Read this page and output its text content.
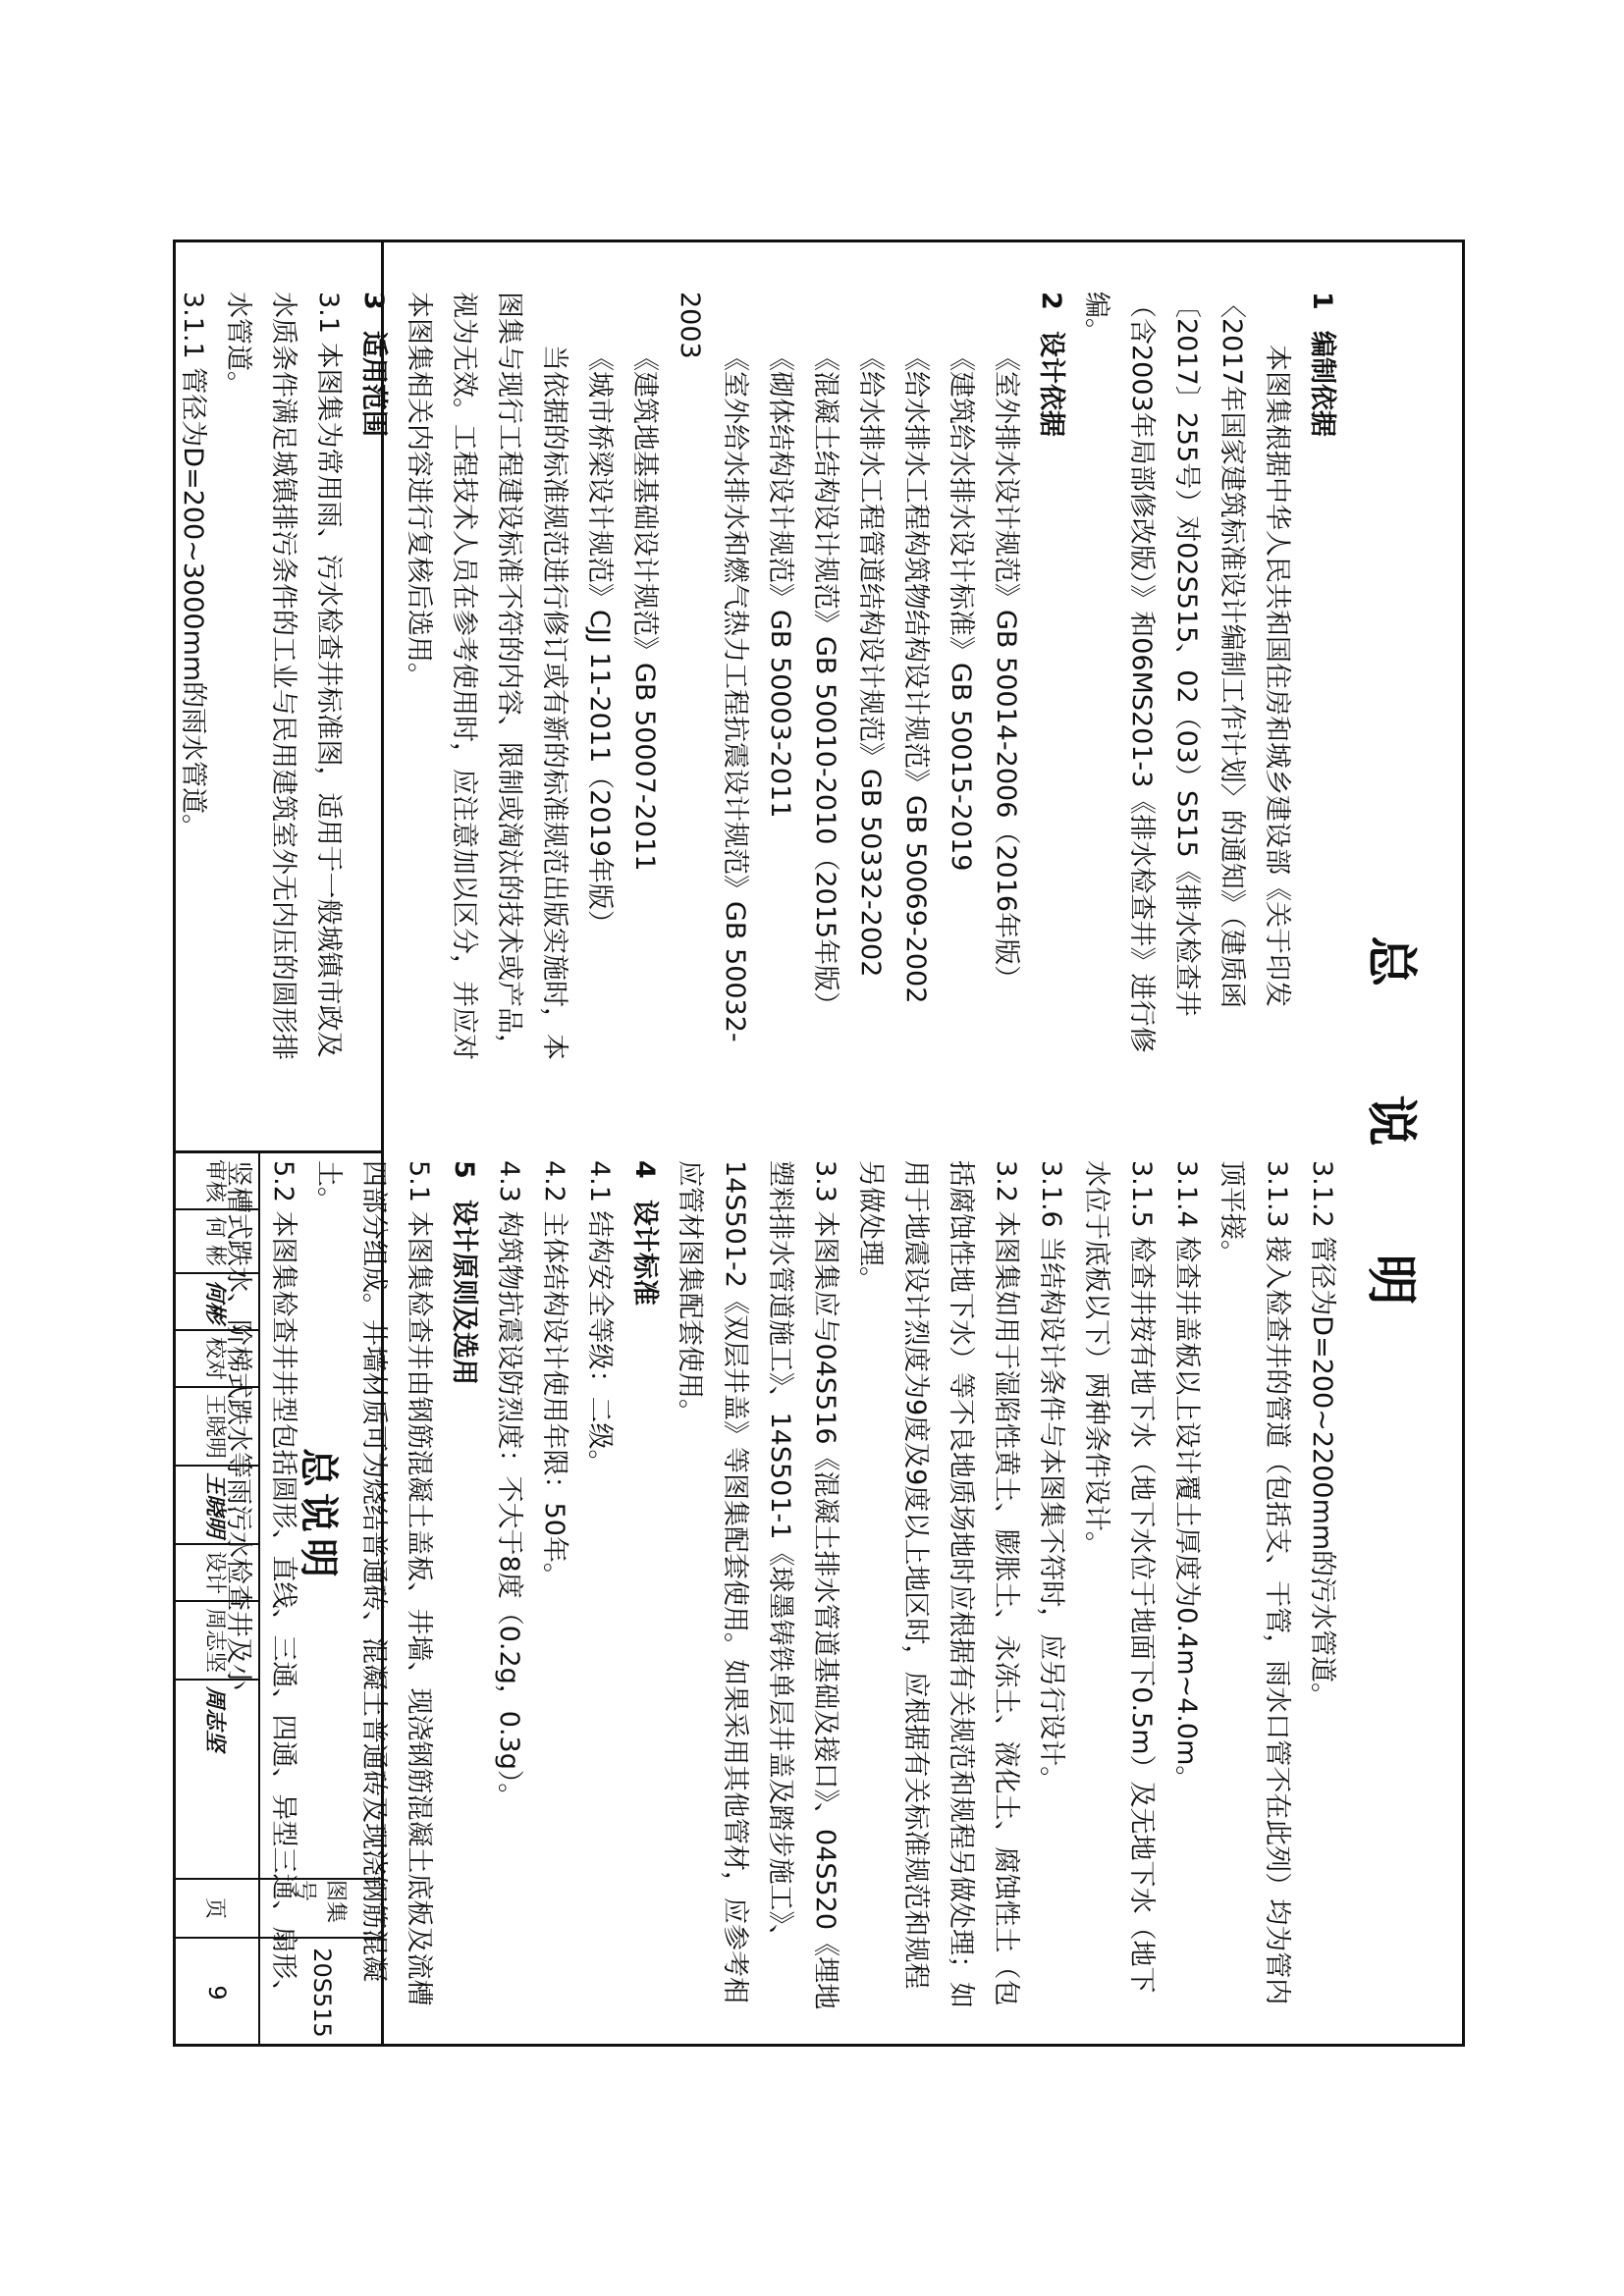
总 说 明

1编制依据

本图集根据中华人民共和国住房和城乡建设部《关于印发〈2017年国家建筑标准设计编制工作计划〉的通知》（建质函〔2017〕255号）对02S515、02（03）S515《排水检查井（含2003年局部修改版）》和06MS201-3《排水检查井》进行修编。

2设计依据

《室外排水设计规范》GB 50014-2006（2016年版）

《建筑给水排水设计标准》GB 50015-2019

《给水排水工程构筑物结构设计规范》GB 50069-2002

《给水排水工程管道结构设计规范》GB 50332-2002

《混凝土结构设计规范》GB 50010-2010（2015年版）

《砌体结构设计规范》GB 50003-2011

《室外给水排水和燃气热力工程抗震设计规范》GB 50032-2003

《建筑地基基础设计规范》GB 50007-2011

《城市桥梁设计规范》CJJ 11-2011（2019年版）

当依据的标准规范进行修订或有新的标准规范出版实施时，本图集与现行工程建设标准不符的内容、限制或淘汰的技术或产品，视为无效。工程技术人员在参考使用时，应注意加以区分，并应对本图集相关内容进行复核后选用。

3适用范围

3.1 本图集为常用雨、污水检查井标准图，适用于一般城镇市政及水质条件满足城镇排污条件的工业与民用建筑室外无内压的圆形排水管道。

3.1.1 管径为D=200~3000mm的雨水管道。

3.1.2 管径为D=200~2200mm的污水管道。

3.1.3 接入检查井的管道（包括支、干管，雨水口管不在此列）均为管内顶平接。

3.1.4 检查井盖板以上设计覆土厚度为0.4m~4.0m。

3.1.5 检查井按有地下水（地下水位于地面下0.5m）及无地下水（地下水位于底板以下）两种条件设计。

3.1.6 当结构设计条件与本图集不符时，应另行设计。

3.2 本图集如用于湿陷性黄土、膨胀土、永冻土、液化土、腐蚀性土（包括腐蚀性地下水）等不良地质场地时应根据有关规范和规程另做处理；如用于地震设计烈度为9度及9度以上地区时，应根据有关标准规范和规程另做处理。

3.3 本图集应与04S516《混凝土排水管道基础及接口》、04S520《埋地塑料排水管道施工》、14S501-1《球墨铸铁单层井盖及踏步施工》、14S501-2《双层井盖》等图集配套使用。如果采用其他管材，应参考相应管材图集配套使用。

4设计标准

4.1 结构安全等级：二级。

4.2 主体结构设计使用年限：50年。

4.3 构筑物抗震设防烈度：不大于8度（0.2g，0.3g）。

5设计原则及选用

5.1 本图集检查井由钢筋混凝土盖板、井墙、现浇钢筋混凝土底板及流槽四部分组成。井墙材质可为烧结普通砖、混凝土普通砖及现浇钢筋混凝土。

5.2 本图集检查井井型包括圆形、直线、三通、四通、异型三通、扇形、竖槽式跌水、阶梯式跌水等雨污水检查井及小	总说明
图集号
20S515
审核
何 彬
何彬
校对
王晓明
王晓明
设计
周志坚
周志坚
页
9
